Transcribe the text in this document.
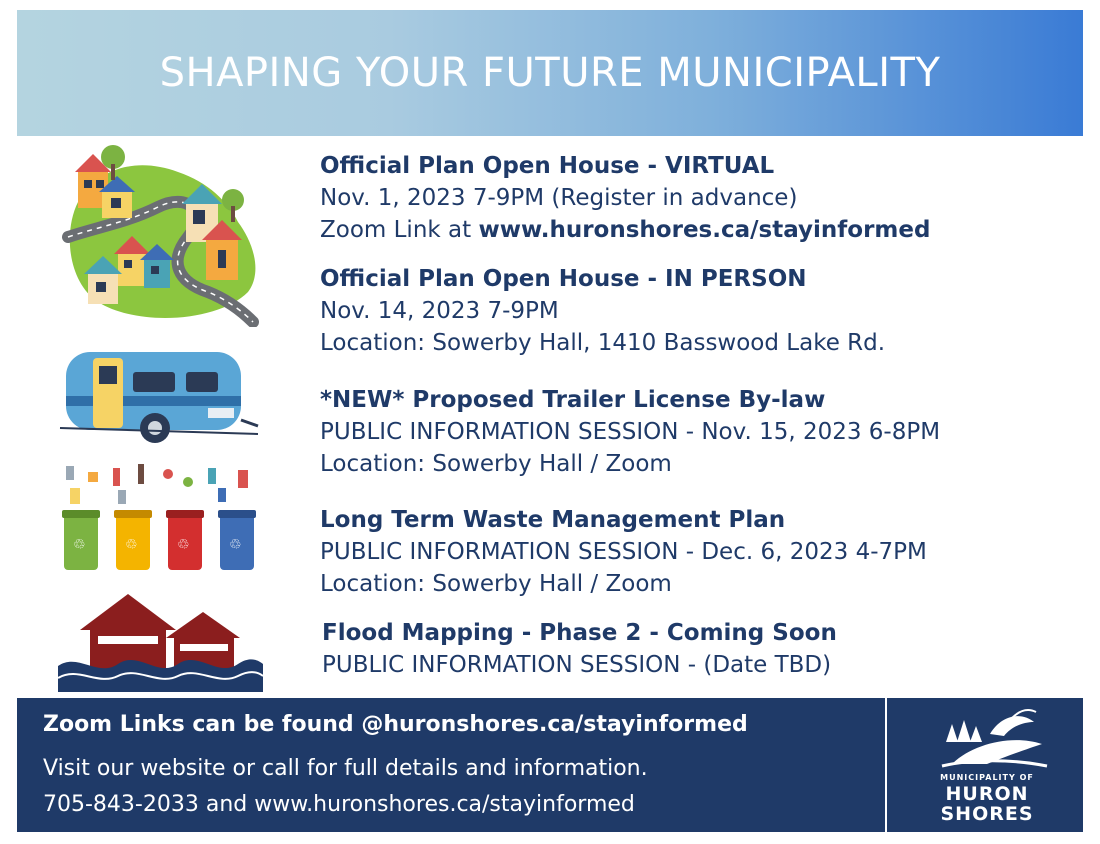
SHAPING YOUR FUTURE MUNICIPALITY
♲	♲	♲	♲
Official Plan Open House - VIRTUAL
Nov. 1, 2023 7-9PM (Register in advance)
Zoom Link at www.huronshores.ca/stayinformed
Official Plan Open House - IN PERSON
Nov. 14, 2023 7-9PM
Location: Sowerby Hall, 1410 Basswood Lake Rd.
*NEW* Proposed Trailer License By-law
PUBLIC INFORMATION SESSION - Nov. 15, 2023 6-8PM
Location: Sowerby Hall / Zoom
Long Term Waste Management Plan
PUBLIC INFORMATION SESSION - Dec. 6, 2023 4-7PM
Location: Sowerby Hall / Zoom
Flood Mapping - Phase 2 - Coming Soon
PUBLIC INFORMATION SESSION - (Date TBD)
Zoom Links can be found @huronshores.ca/stayinformed
Visit our website or call for full details and information.
705-843-2033 and www.huronshores.ca/stayinformed
MUNICIPALITY OF
HURON
SHORES
